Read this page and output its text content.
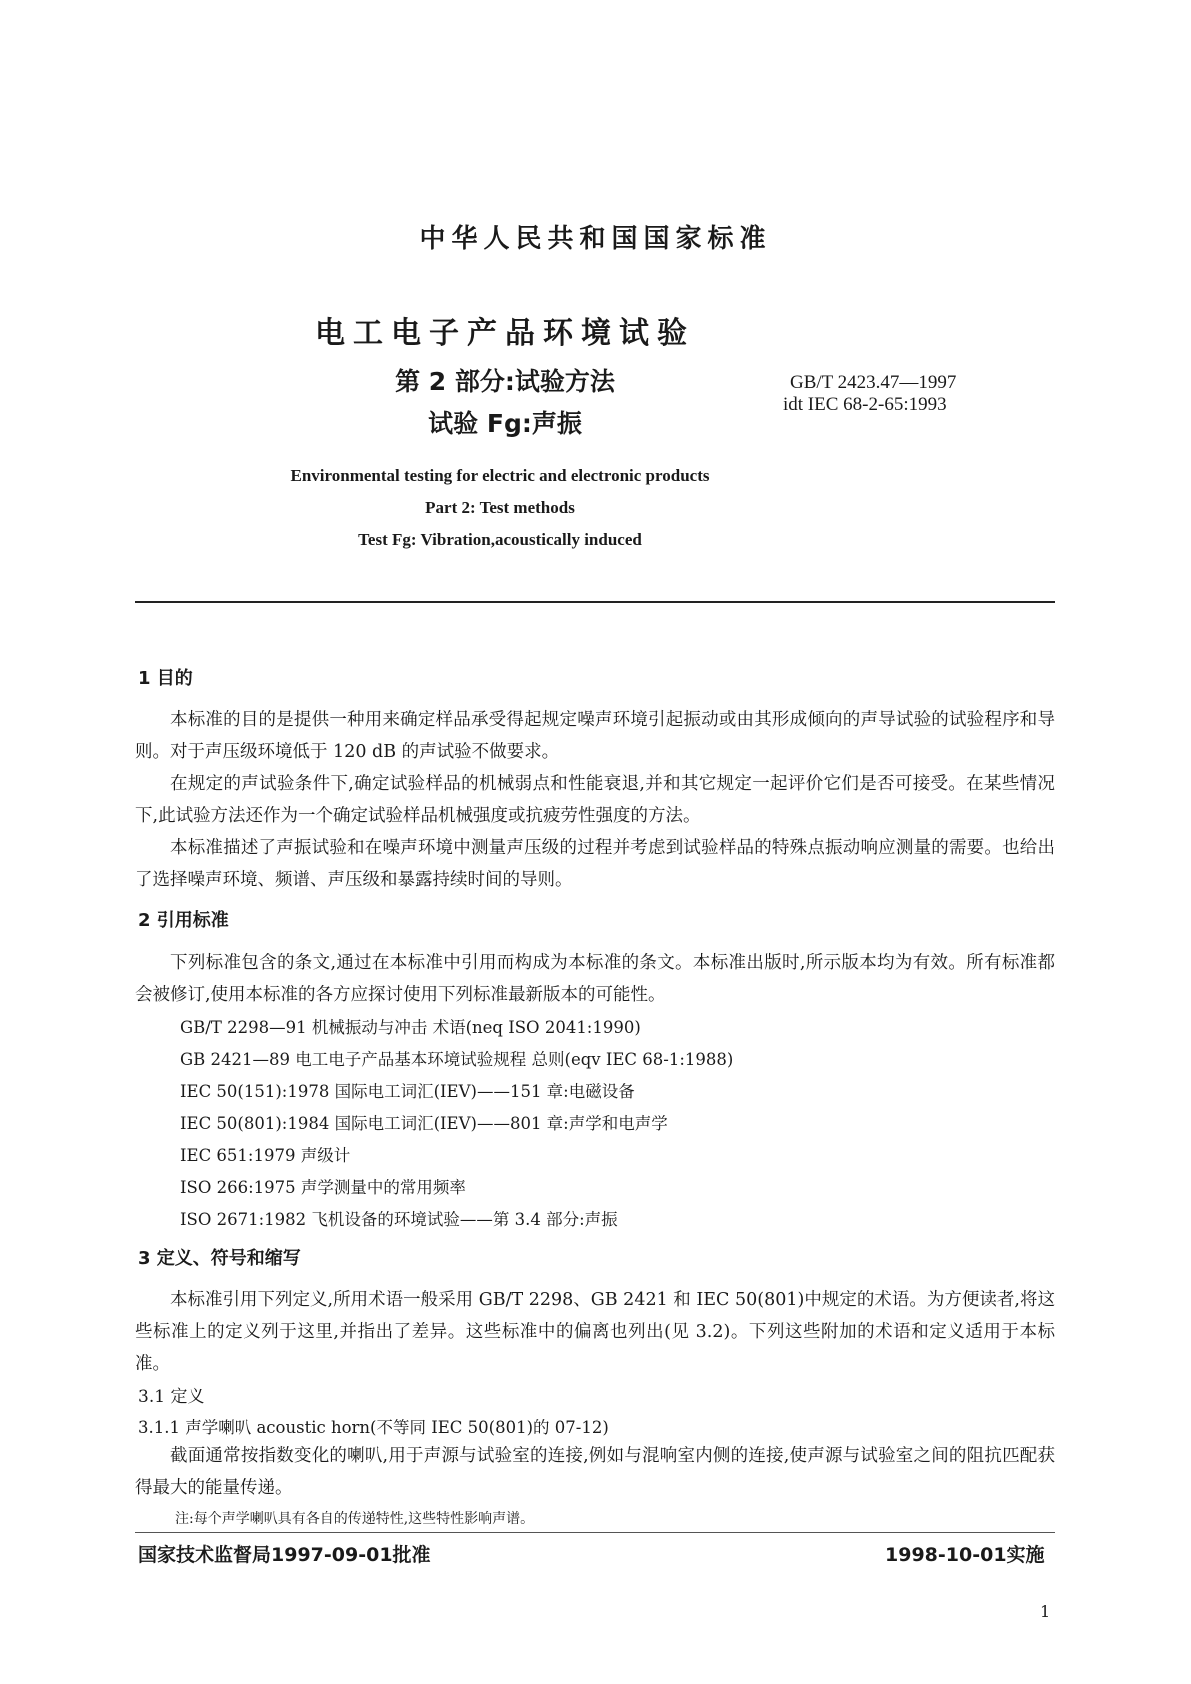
中华人民共和国国家标准
电工电子产品环境试验
第 2 部分:试验方法
试验 Fg:声振
GB/T 2423.47—1997
idt IEC 68-2-65:1993
Environmental testing for electric and electronic products
Part 2: Test methods
Test Fg: Vibration,acoustically induced
1 目的

本标准的目的是提供一种用来确定样品承受得起规定噪声环境引起振动或由其形成倾向的声导试验的试验程序和导则。对于声压级环境低于 120 dB 的声试验不做要求。

在规定的声试验条件下,确定试验样品的机械弱点和性能衰退,并和其它规定一起评价它们是否可接受。在某些情况下,此试验方法还作为一个确定试验样品机械强度或抗疲劳性强度的方法。

本标准描述了声振试验和在噪声环境中测量声压级的过程并考虑到试验样品的特殊点振动响应测量的需要。也给出了选择噪声环境、频谱、声压级和暴露持续时间的导则。

2 引用标准

下列标准包含的条文,通过在本标准中引用而构成为本标准的条文。本标准出版时,所示版本均为有效。所有标准都会被修订,使用本标准的各方应探讨使用下列标准最新版本的可能性。

GB/T 2298—91 机械振动与冲击 术语(neq ISO 2041:1990)
GB 2421—89 电工电子产品基本环境试验规程 总则(eqv IEC 68-1:1988)
IEC 50(151):1978 国际电工词汇(IEV)——151 章:电磁设备
IEC 50(801):1984 国际电工词汇(IEV)——801 章:声学和电声学
IEC 651:1979 声级计
ISO 266:1975 声学测量中的常用频率
ISO 2671:1982 飞机设备的环境试验——第 3.4 部分:声振
3 定义、符号和缩写

本标准引用下列定义,所用术语一般采用 GB/T 2298、GB 2421 和 IEC 50(801)中规定的术语。为方便读者,将这些标准上的定义列于这里,并指出了差异。这些标准中的偏离也列出(见 3.2)。下列这些附加的术语和定义适用于本标准。

3.1 定义
3.1.1 声学喇叭 acoustic horn(不等同 IEC 50(801)的 07-12)

截面通常按指数变化的喇叭,用于声源与试验室的连接,例如与混响室内侧的连接,使声源与试验室之间的阻抗匹配获得最大的能量传递。

注:每个声学喇叭具有各自的传递特性,这些特性影响声谱。
国家技术监督局1997-09-01批准	1998-10-01实施
1
